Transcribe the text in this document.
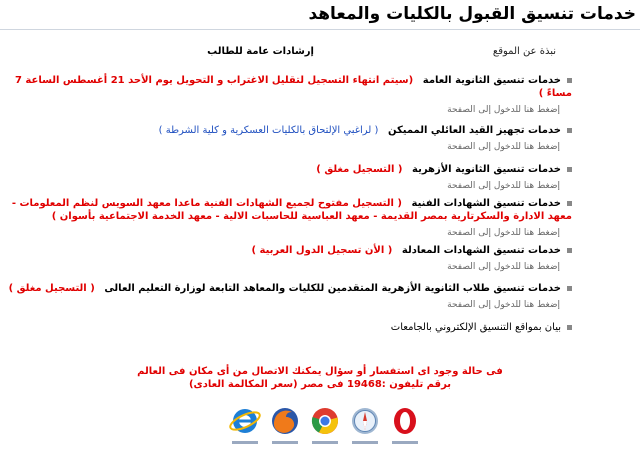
خدمات تنسيق القبول بالكليات والمعاهد
نبذة عن الموقع
إرشادات عامة للطالب
خدمات تنسيق الثانوية العامة   (سيتم انتهاء التسجيل لتقليل الاغتراب و التحويل يوم الأحد 21 أغسطس الساعة 7 مساءً )
إضغط هنا للدخول إلى الصفحة
خدمات تجهيز القيد العائلي المميكن   ( لراغبي الإلتحاق بالكليات العسكرية و كلية الشرطة )
إضغط هنا للدخول إلى الصفحة
خدمات تنسيق الثانوية الأزهرية   ( التسجيل مغلق )
إضغط هنا للدخول إلى الصفحة
خدمات تنسيق الشهادات الفنية   ( التسجيل مفتوح لجميع الشهادات الفنية ماعدا معهد السويس لنظم المعلومات - معهد الادارة والسكرتارية بمصر القديمة - معهد العباسية للحاسبات الالية - معهد الخدمة الاجتماعية بأسوان )
إضغط هنا للدخول إلى الصفحة
خدمات تنسيق الشهادات المعادلة   ( الأن تسجيل الدول العربية )
إضغط هنا للدخول إلى الصفحة
خدمات تنسيق طلاب الثانوية الأزهرية المتقدمين للكليات والمعاهد التابعة لوزارة التعليم العالى   ( التسجيل مغلق )
إضغط هنا للدخول إلى الصفحة
بيان بمواقع التنسيق الإلكتروني بالجامعات
فى حالة وجود اى استفسار أو سؤال يمكنك الاتصال من أى مكان فى العالم
برقم تليفون :19468 فى مصر (سعر المكالمة العادى)
